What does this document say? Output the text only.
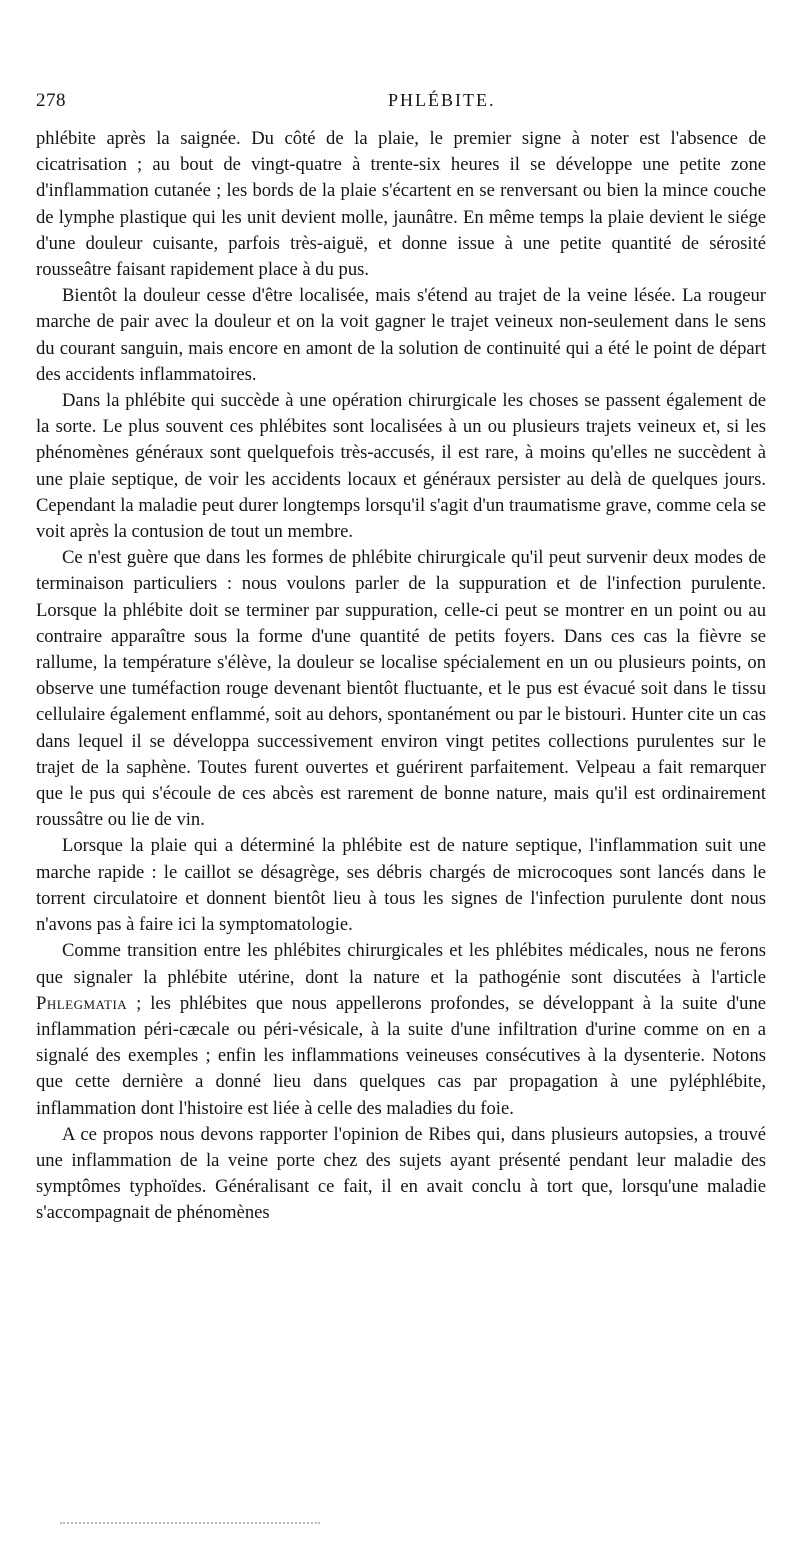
278	PHLÉBITE.

phlébite après la saignée. Du côté de la plaie, le premier signe à noter est l'absence de cicatrisation ; au bout de vingt-quatre à trente-six heures il se développe une petite zone d'inflammation cutanée ; les bords de la plaie s'écartent en se renversant ou bien la mince couche de lymphe plastique qui les unit devient molle, jaunâtre. En même temps la plaie devient le siége d'une douleur cuisante, parfois très-aiguë, et donne issue à une petite quantité de sérosité rousseâtre faisant rapidement place à du pus.

Bientôt la douleur cesse d'être localisée, mais s'étend au trajet de la veine lésée. La rougeur marche de pair avec la douleur et on la voit gagner le trajet veineux non-seulement dans le sens du courant sanguin, mais encore en amont de la solution de continuité qui a été le point de départ des accidents inflammatoires.

Dans la phlébite qui succède à une opération chirurgicale les choses se passent également de la sorte. Le plus souvent ces phlébites sont localisées à un ou plusieurs trajets veineux et, si les phénomènes généraux sont quelquefois très-accusés, il est rare, à moins qu'elles ne succèdent à une plaie septique, de voir les accidents locaux et généraux persister au delà de quelques jours. Cependant la maladie peut durer longtemps lorsqu'il s'agit d'un traumatisme grave, comme cela se voit après la contusion de tout un membre.

Ce n'est guère que dans les formes de phlébite chirurgicale qu'il peut survenir deux modes de terminaison particuliers : nous voulons parler de la suppuration et de l'infection purulente. Lorsque la phlébite doit se terminer par suppuration, celle-ci peut se montrer en un point ou au contraire apparaître sous la forme d'une quantité de petits foyers. Dans ces cas la fièvre se rallume, la température s'élève, la douleur se localise spécialement en un ou plusieurs points, on observe une tuméfaction rouge devenant bientôt fluctuante, et le pus est évacué soit dans le tissu cellulaire également enflammé, soit au dehors, spontanément ou par le bistouri. Hunter cite un cas dans lequel il se développa successivement environ vingt petites collections purulentes sur le trajet de la saphène. Toutes furent ouvertes et guérirent parfaitement. Velpeau a fait remarquer que le pus qui s'écoule de ces abcès est rarement de bonne nature, mais qu'il est ordinairement roussâtre ou lie de vin.

Lorsque la plaie qui a déterminé la phlébite est de nature septique, l'inflammation suit une marche rapide : le caillot se désagrège, ses débris chargés de microcoques sont lancés dans le torrent circulatoire et donnent bientôt lieu à tous les signes de l'infection purulente dont nous n'avons pas à faire ici la symptomatologie.

Comme transition entre les phlébites chirurgicales et les phlébites médicales, nous ne ferons que signaler la phlébite utérine, dont la nature et la pathogénie sont discutées à l'article Phlegmatia ; les phlébites que nous appellerons profondes, se développant à la suite d'une inflammation péri-cæcale ou péri-vésicale, à la suite d'une infiltration d'urine comme on en a signalé des exemples ; enfin les inflammations veineuses consécutives à la dysenterie. Notons que cette dernière a donné lieu dans quelques cas par propagation à une pyléphlébite, inflammation dont l'histoire est liée à celle des maladies du foie.

A ce propos nous devons rapporter l'opinion de Ribes qui, dans plusieurs autopsies, a trouvé une inflammation de la veine porte chez des sujets ayant présenté pendant leur maladie des symptômes typhoïdes. Généralisant ce fait, il en avait conclu à tort que, lorsqu'une maladie s'accompagnait de phénomènes
